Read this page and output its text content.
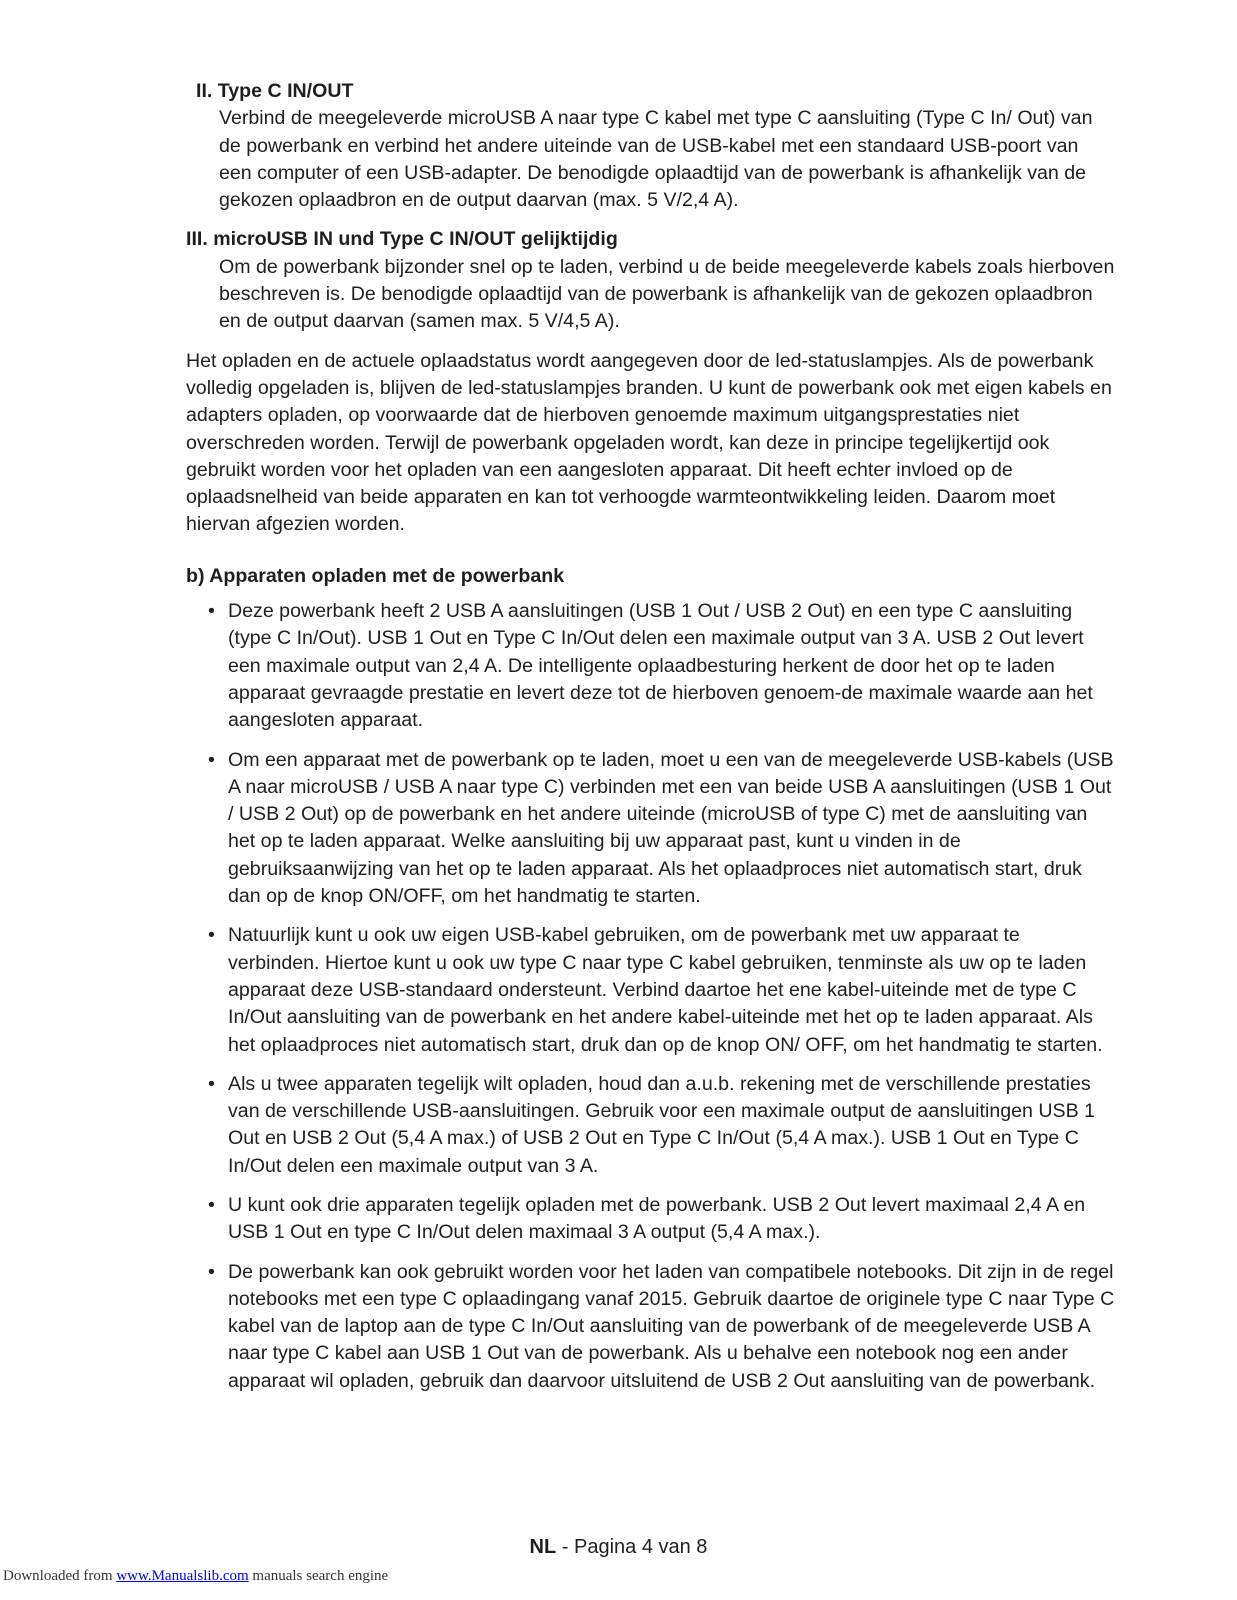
II. Type C IN/OUT

Verbind de meegeleverde microUSB A naar type C kabel met type C aansluiting (Type C In/ Out) van de powerbank en verbind het andere uiteinde van de USB-kabel met een standaard USB-poort van een computer of een USB-adapter. De benodigde oplaadtijd van de powerbank is afhankelijk van de gekozen oplaadbron en de output daarvan (max. 5 V/2,4 A).

III. microUSB IN und Type C IN/OUT gelijktijdig

Om de powerbank bijzonder snel op te laden, verbind u de beide meegeleverde kabels zoals hierboven beschreven is. De benodigde oplaadtijd van de powerbank is afhankelijk van de gekozen oplaadbron en de output daarvan (samen max. 5 V/4,5 A).

Het opladen en de actuele oplaadstatus wordt aangegeven door de led-statuslampjes. Als de powerbank volledig opgeladen is, blijven de led-statuslampjes branden. U kunt de powerbank ook met eigen kabels en adapters opladen, op voorwaarde dat de hierboven genoemde maximum uitgangsprestaties niet overschreden worden. Terwijl de powerbank opgeladen wordt, kan deze in principe tegelijkertijd ook gebruikt worden voor het opladen van een aangesloten apparaat. Dit heeft echter invloed op de oplaadsnelheid van beide apparaten en kan tot verhoogde warmteontwikkeling leiden. Daarom moet hiervan afgezien worden.

b) Apparaten opladen met de powerbank

• Deze powerbank heeft 2 USB A aansluitingen (USB 1 Out / USB 2 Out) en een type C aansluiting (type C In/Out). USB 1 Out en Type C In/Out delen een maximale output van 3 A. USB 2 Out levert een maximale output van 2,4 A. De intelligente oplaadbesturing herkent de door het op te laden apparaat gevraagde prestatie en levert deze tot de hierboven genoem-de maximale waarde aan het aangesloten apparaat.
• Om een apparaat met de powerbank op te laden, moet u een van de meegeleverde USB-kabels (USB A naar microUSB / USB A naar type C) verbinden met een van beide USB A aansluitingen (USB 1 Out / USB 2 Out) op de powerbank en het andere uiteinde (microUSB of type C) met de aansluiting van het op te laden apparaat. Welke aansluiting bij uw apparaat past, kunt u vinden in de gebruiksaanwijzing van het op te laden apparaat. Als het oplaadproces niet automatisch start, druk dan op de knop ON/OFF, om het handmatig te starten.
• Natuurlijk kunt u ook uw eigen USB-kabel gebruiken, om de powerbank met uw apparaat te verbinden. Hiertoe kunt u ook uw type C naar type C kabel gebruiken, tenminste als uw op te laden apparaat deze USB-standaard ondersteunt. Verbind daartoe het ene kabel-uiteinde met de type C In/Out aansluiting van de powerbank en het andere kabel-uiteinde met het op te laden apparaat. Als het oplaadproces niet automatisch start, druk dan op de knop ON/ OFF, om het handmatig te starten.
• Als u twee apparaten tegelijk wilt opladen, houd dan a.u.b. rekening met de verschillende prestaties van de verschillende USB-aansluitingen. Gebruik voor een maximale output de aansluitingen USB 1 Out en USB 2 Out (5,4 A max.) of USB 2 Out en Type C In/Out (5,4 A max.). USB 1 Out en Type C In/Out delen een maximale output van 3 A.
• U kunt ook drie apparaten tegelijk opladen met de powerbank. USB 2 Out levert maximaal 2,4 A en USB 1 Out en type C In/Out delen maximaal 3 A output (5,4 A max.).
• De powerbank kan ook gebruikt worden voor het laden van compatibele notebooks. Dit zijn in de regel notebooks met een type C oplaadingang vanaf 2015. Gebruik daartoe de originele type C naar Type C kabel van de laptop aan de type C In/Out aansluiting van de powerbank of de meegeleverde USB A naar type C kabel aan USB 1 Out van de powerbank. Als u behalve een notebook nog een ander apparaat wil opladen, gebruik dan daarvoor uitsluitend de USB 2 Out aansluiting van de powerbank.
NL - Pagina 4 van 8
Downloaded from www.Manualslib.com manuals search engine
